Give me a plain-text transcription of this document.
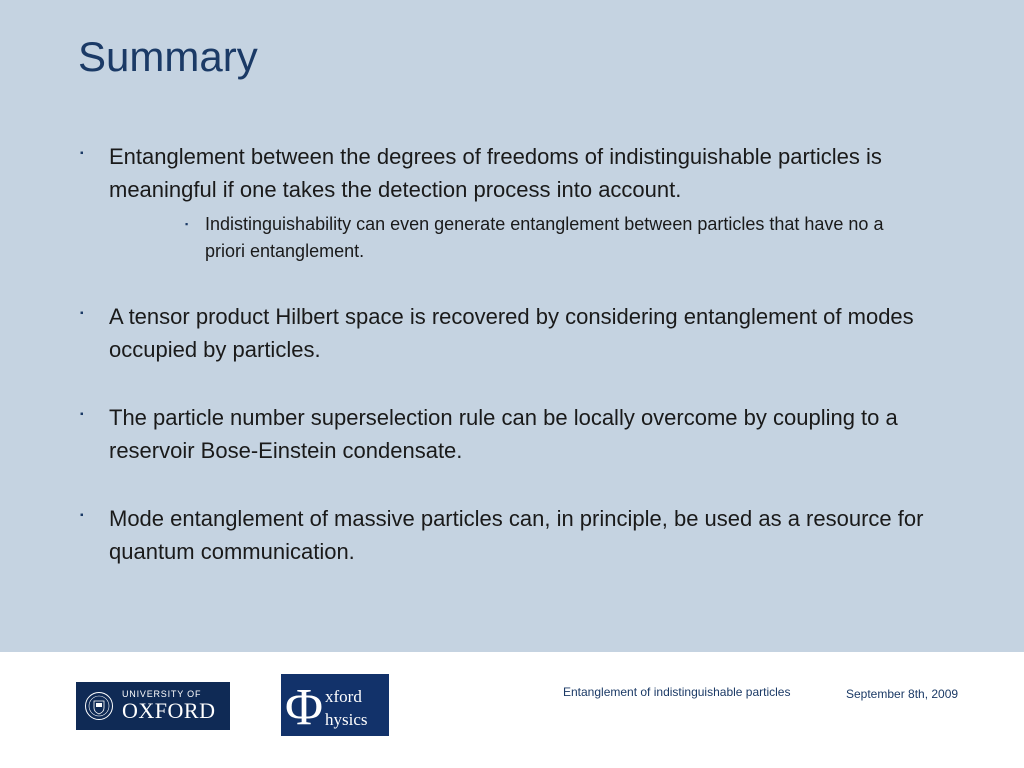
Summary
▪ Entanglement between the degrees of freedoms of indistinguishable particles is meaningful if one takes the detection process into account.
▪ Indistinguishability can even generate entanglement between particles that have no a priori entanglement.
▪ A tensor product Hilbert space is recovered by considering entanglement of modes occupied by particles.
▪ The particle number superselection rule can be locally overcome by coupling to a reservoir Bose-Einstein condensate.
▪ Mode entanglement of massive particles can, in principle, be used as a resource for quantum communication.
UNIVERSITY OF
OXFORD Φ xford
hysics
Entanglement of indistinguishable particles	September 8th, 2009
